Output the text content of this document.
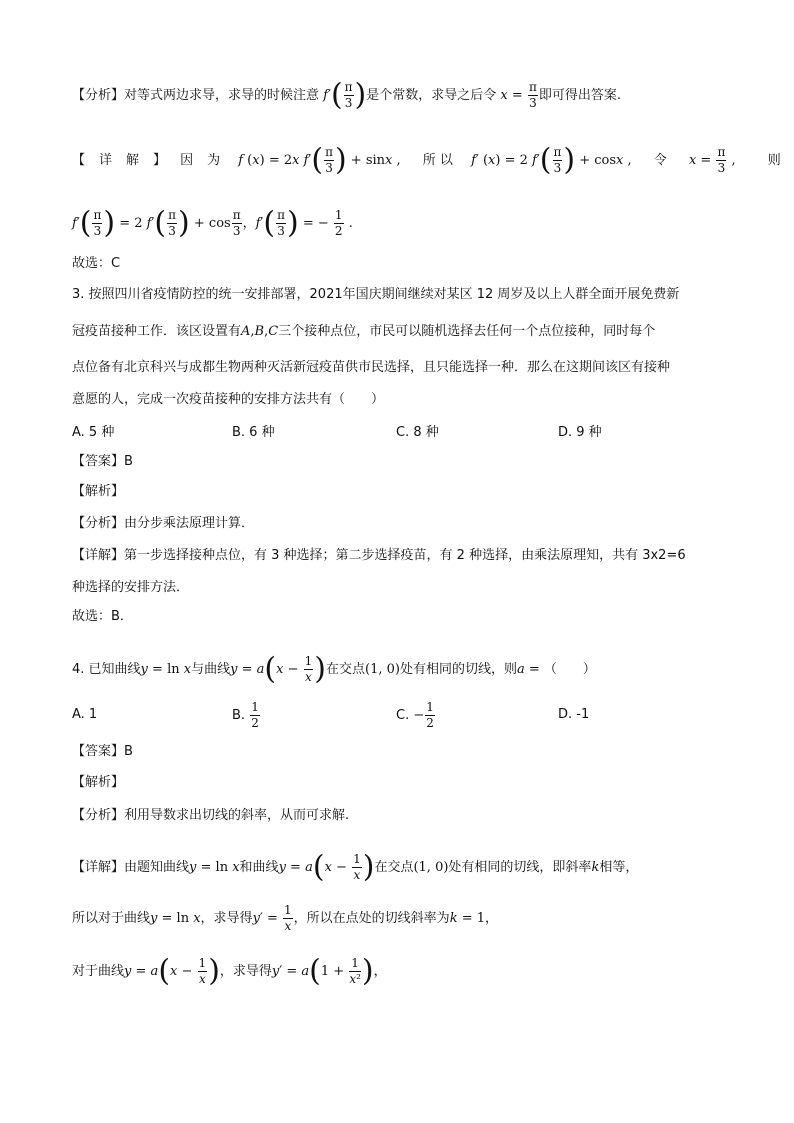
【分析】对等式两边求导，求导的时候注意 $f'( \frac{\pi}{3}$ )是个常数，求导之后令 $x = \frac{\pi}{3}$ 即可得出答案.
【 详 解 】 因 为 f (x) = 2x $f'( \frac{\pi}{3}$ ) + sinx , 所 以 f′ (x) = 2 $f'( \frac{\pi}{3}$ ) + cosx , 令 $x = \frac{\pi}{3}$ , 则
$f'( \frac{\pi}{3}$ ) = 2 $f'( \frac{\pi}{3}$ ) + $\cos \frac{\pi}{3}$ ，$f'( \frac{\pi}{3}$ ) = − $\frac{1}{2}$ .
故选：C
3. 按照四川省疫情防控的统一安排部署，2021年国庆期间继续对某区 12 周岁及以上人群全面开展免费新
冠疫苗接种工作．该区设置有A,B,C三个接种点位，市民可以随机选择去任何一个点位接种，同时每个
点位备有北京科兴与成都生物两种灭活新冠疫苗供市民选择，且只能选择一种．那么在这期间该区有接种
意愿的人，完成一次疫苗接种的安排方法共有（　　）
A. 5 种	B. 6 种	C. 8 种	D. 9 种
【答案】B
【解析】
【分析】由分步乘法原理计算．
【详解】第一步选择接种点位，有 3 种选择；第二步选择疫苗，有 2 种选择，由乘法原理知，共有 3x2=6
种选择的安排方法．
故选：B．
4. 已知曲线y = ln x与曲线$y = a(x - \frac{1}{x}$ )在交点(1, 0)处有相同的切线，则a = （　　）
A. 1	B. $\frac{1}{2}$	C. − $\frac{1}{2}$	D. -1
【答案】B
【解析】
【分析】利用导数求出切线的斜率，从而可求解.
【详解】由题知曲线y = ln x和曲线$y = a(x - \frac{1}{x}$ )在交点(1, 0)处有相同的切线，即斜率k相等，
所以对于曲线y = ln x，求导得$y' = \frac{1}{x}$ ，所以在点处的切线斜率为k = 1，
对于曲线$y = a(x - \frac{1}{x}$ )，求导得$y' = a(1 + \frac{1}{\text{x²}}$ )，
